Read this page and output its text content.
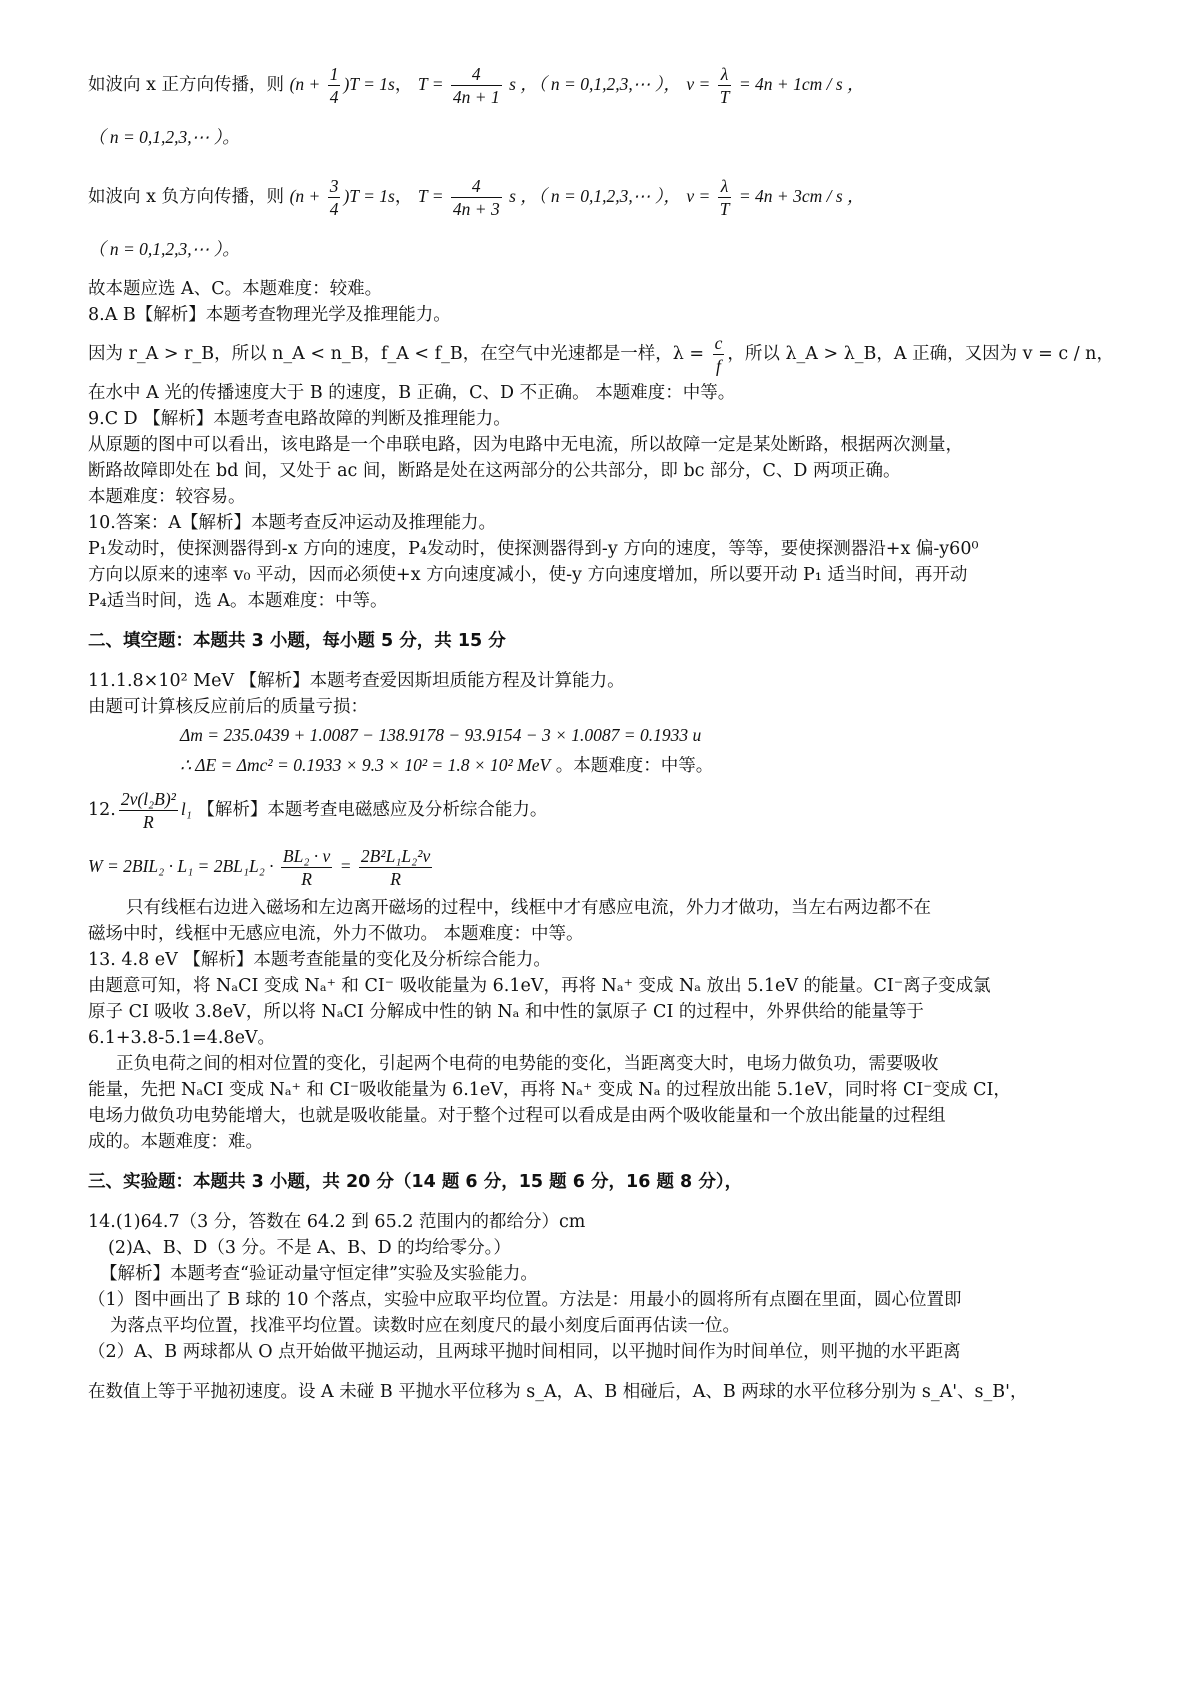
如波向 x 正方向传播，则 $(n + \frac{1}{4} )T = 1s$， $T = \frac{4}{4n + 1}$ s ，（ n = 0,1,2,3,⋯ ）， $v = \frac{\lambda}{T} = 4n + 1cm / s$ ，

（ n = 0,1,2,3,⋯ ）。

如波向 x 负方向传播，则 $(n + \frac{3}{4} )T = 1s$， $T = \frac{4}{4n + 3}$ s ，（ n = 0,1,2,3,⋯ ）， $v = \frac{\lambda}{T} = 4n + 3cm / s$ ，

（ n = 0,1,2,3,⋯ ）。

故本题应选 A、C。本题难度：较难。

8.A B【解析】本题考查物理光学及推理能力。

因为 r_A > r_B，所以 n_A < n_B，f_A < f_B，在空气中光速都是一样，$\lambda = \frac{c}{f}$ ，所以 λ_A > λ_B，A 正确，又因为 v = c / n，

在水中 A 光的传播速度大于 B 的速度，B 正确，C、D 不正确。 本题难度：中等。

9.C D 【解析】本题考查电路故障的判断及推理能力。

从原题的图中可以看出，该电路是一个串联电路，因为电路中无电流，所以故障一定是某处断路，根据两次测量，

断路故障即处在 bd 间，又处于 ac 间，断路是处在这两部分的公共部分，即 bc 部分，C、D 两项正确。

本题难度：较容易。

10.答案：A【解析】本题考查反冲运动及推理能力。

P₁发动时，使探测器得到-x 方向的速度，P₄发动时，使探测器得到-y 方向的速度，等等，要使探测器沿+x 偏-y60⁰

方向以原来的速率 v₀ 平动，因而必须使+x 方向速度减小，使-y 方向速度增加，所以要开动 P₁ 适当时间，再开动

P₄适当时间，选 A。本题难度：中等。

二、填空题：本题共 3 小题，每小题 5 分，共 15 分

11.1.8×10² MeV 【解析】本题考查爱因斯坦质能方程及计算能力。

由题可计算核反应前后的质量亏损：

Δm = 235.0439 + 1.0087 − 138.9178 − 93.9154 − 3 × 1.0087 = 0.1933 u

∴ ΔE = Δmc² = 0.1933 × 9.3 × 10² = 1.8 × 10² MeV 。本题难度：中等。

12. $\frac{\text{2v(l₂B)²}}{R} l_1$ 【解析】本题考查电磁感应及分析综合能力。

$W = 2BIL_2 \cdot L_1 = 2BL_1L_2 \cdot \frac{\text{BL₂ · v}}{R} = \frac{\text{2B²L₁L₂²v}}{R}$

只有线框右边进入磁场和左边离开磁场的过程中，线框中才有感应电流，外力才做功，当左右两边都不在

磁场中时，线框中无感应电流，外力不做功。 本题难度：中等。

13. 4.8 eV 【解析】本题考查能量的变化及分析综合能力。

由题意可知，将 NₐCI 变成 Nₐ⁺ 和 CI⁻ 吸收能量为 6.1eV，再将 Nₐ⁺ 变成 Nₐ 放出 5.1eV 的能量。CI⁻离子变成氯

原子 CI 吸收 3.8eV，所以将 NₐCI 分解成中性的钠 Nₐ 和中性的氯原子 CI 的过程中，外界供给的能量等于

6.1+3.8-5.1=4.8eV。

正负电荷之间的相对位置的变化，引起两个电荷的电势能的变化，当距离变大时，电场力做负功，需要吸收

能量，先把 NₐCI 变成 Nₐ⁺ 和 CI⁻吸收能量为 6.1eV，再将 Nₐ⁺ 变成 Nₐ 的过程放出能 5.1eV，同时将 CI⁻变成 CI，

电场力做负功电势能增大，也就是吸收能量。对于整个过程可以看成是由两个吸收能量和一个放出能量的过程组

成的。本题难度：难。

三、实验题：本题共 3 小题，共 20 分（14 题 6 分，15 题 6 分，16 题 8 分），

14.(1)64.7（3 分，答数在 64.2 到 65.2 范围内的都给分）cm

(2)A、B、D（3 分。不是 A、B、D 的均给零分。）

【解析】本题考查“验证动量守恒定律”实验及实验能力。

（1）图中画出了 B 球的 10 个落点，实验中应取平均位置。方法是：用最小的圆将所有点圈在里面，圆心位置即

为落点平均位置，找准平均位置。读数时应在刻度尺的最小刻度后面再估读一位。

（2）A、B 两球都从 O 点开始做平抛运动，且两球平抛时间相同，以平抛时间作为时间单位，则平抛的水平距离

在数值上等于平抛初速度。设 A 未碰 B 平抛水平位移为 s_A，A、B 相碰后，A、B 两球的水平位移分别为 s_A'、s_B'，
